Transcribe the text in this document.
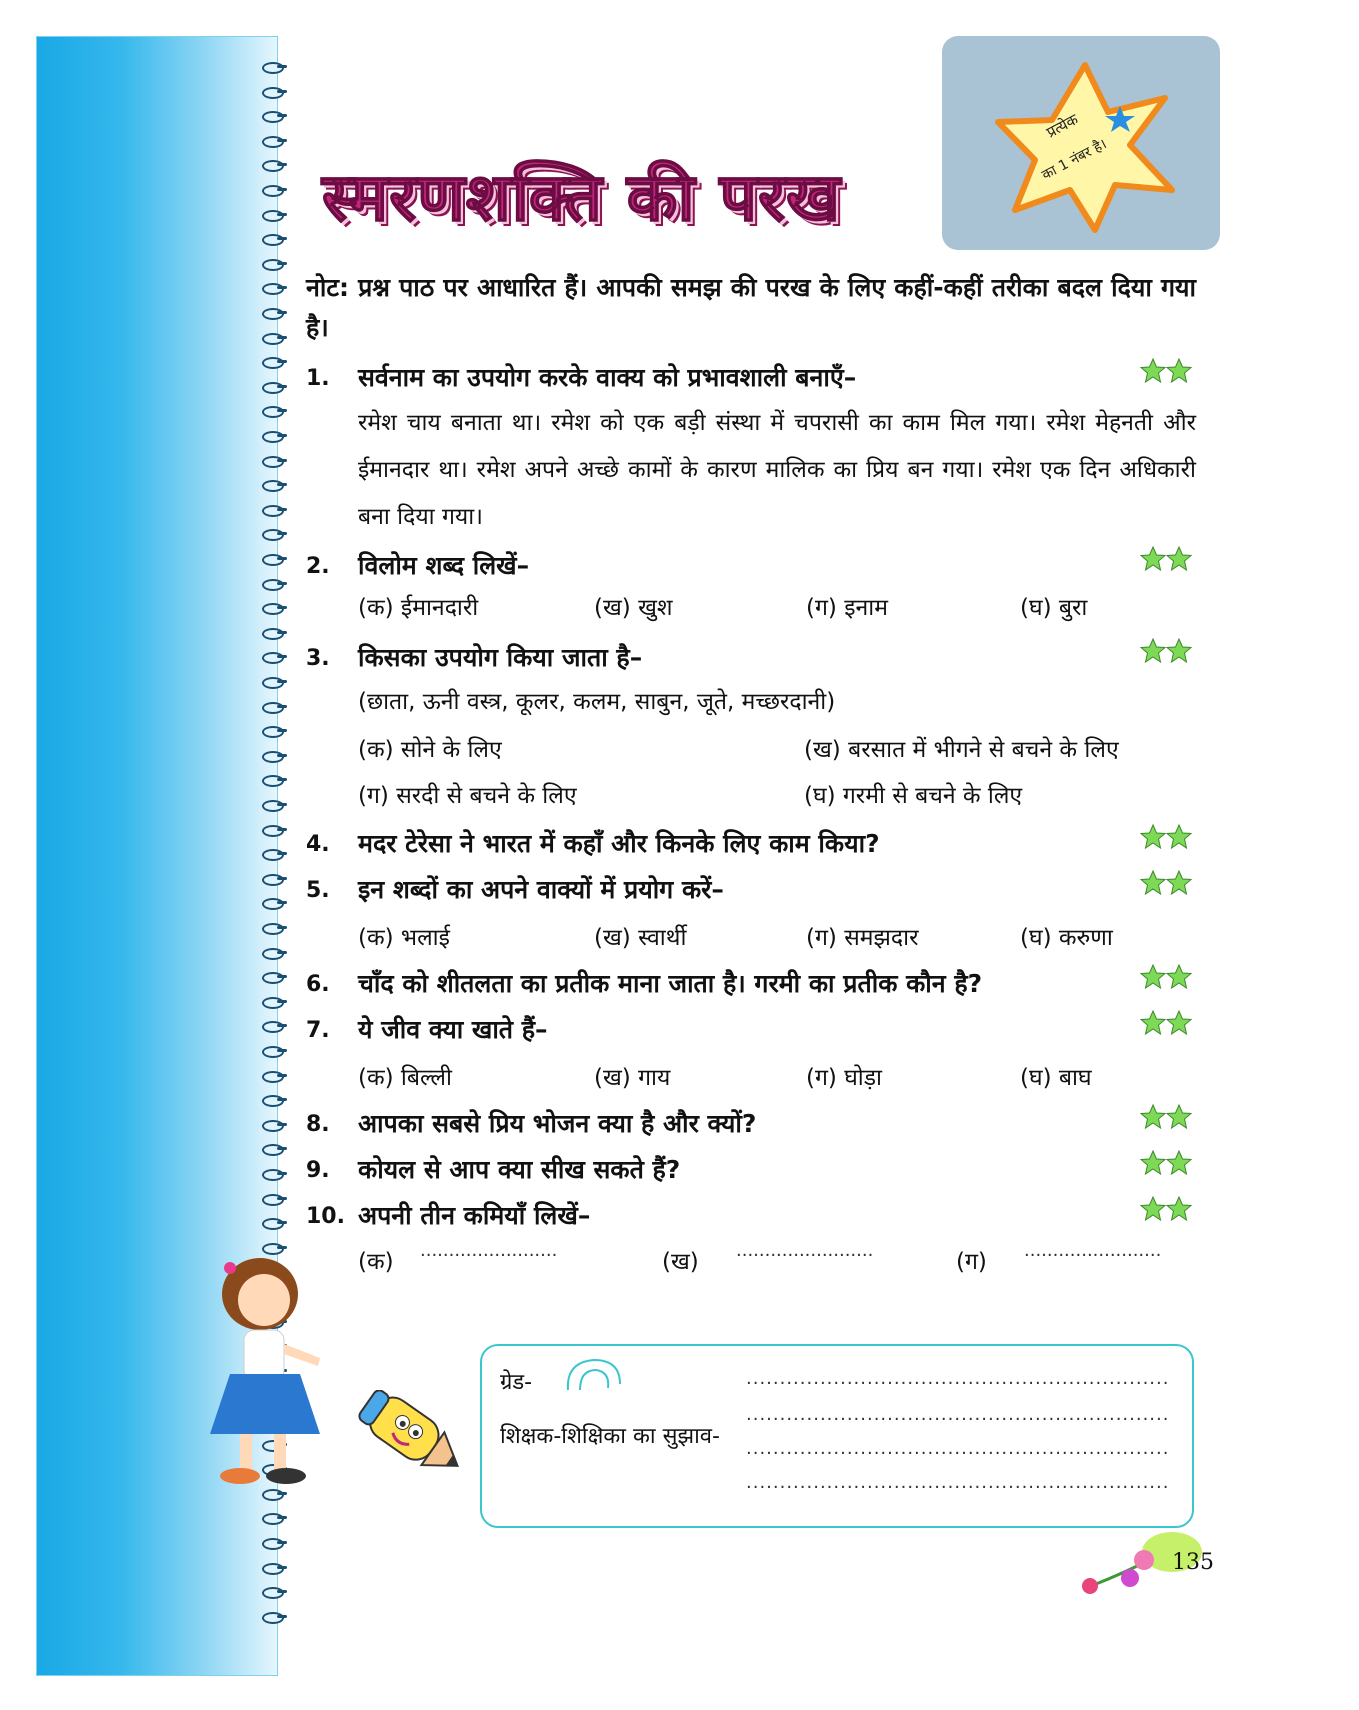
स्मरणशक्ति की परख
प्रत्येक
का 1 नंबर है।

नोट: प्रश्न पाठ पर आधारित हैं। आपकी समझ की परख के लिए कहीं-कहीं तरीका बदल दिया गया है।

1. सर्वनाम का उपयोग करके वाक्य को प्रभावशाली बनाएँ–

रमेश चाय बनाता था। रमेश को एक बड़ी संस्था में चपरासी का काम मिल गया। रमेश मेहनती और ईमानदार था। रमेश अपने अच्छे कामों के कारण मालिक का प्रिय बन गया। रमेश एक दिन अधिकारी बना दिया गया।

2. विलोम शब्द लिखें–
(क) ईमानदारी	(ख) खुश	(ग) इनाम	(घ) बुरा
3. किसका उपयोग किया जाता है–
(छाता, ऊनी वस्त्र, कूलर, कलम, साबुन, जूते, मच्छरदानी)
(क) सोने के लिए	(ख) बरसात में भीगने से बचने के लिए
(ग) सरदी से बचने के लिए	(घ) गरमी से बचने के लिए
4. मदर टेरेसा ने भारत में कहाँ और किनके लिए काम किया?
5. इन शब्दों का अपने वाक्यों में प्रयोग करें–
(क) भलाई	(ख) स्वार्थी	(ग) समझदार	(घ) करुणा
6. चाँद को शीतलता का प्रतीक माना जाता है। गरमी का प्रतीक कौन है?
7. ये जीव क्या खाते हैं–
(क) बिल्ली	(ख) गाय	(ग) घोड़ा	(घ) बाघ
8. आपका सबसे प्रिय भोजन क्या है और क्यों?
9. कोयल से आप क्या सीख सकते हैं?
10. अपनी तीन कमियाँ लिखें–
(क) ........................	(ख) ........................	(ग) ........................
ग्रेड-
शिक्षक-शिक्षिका का सुझाव-
...............................................................
...............................................................
...............................................................
...............................................................
135
